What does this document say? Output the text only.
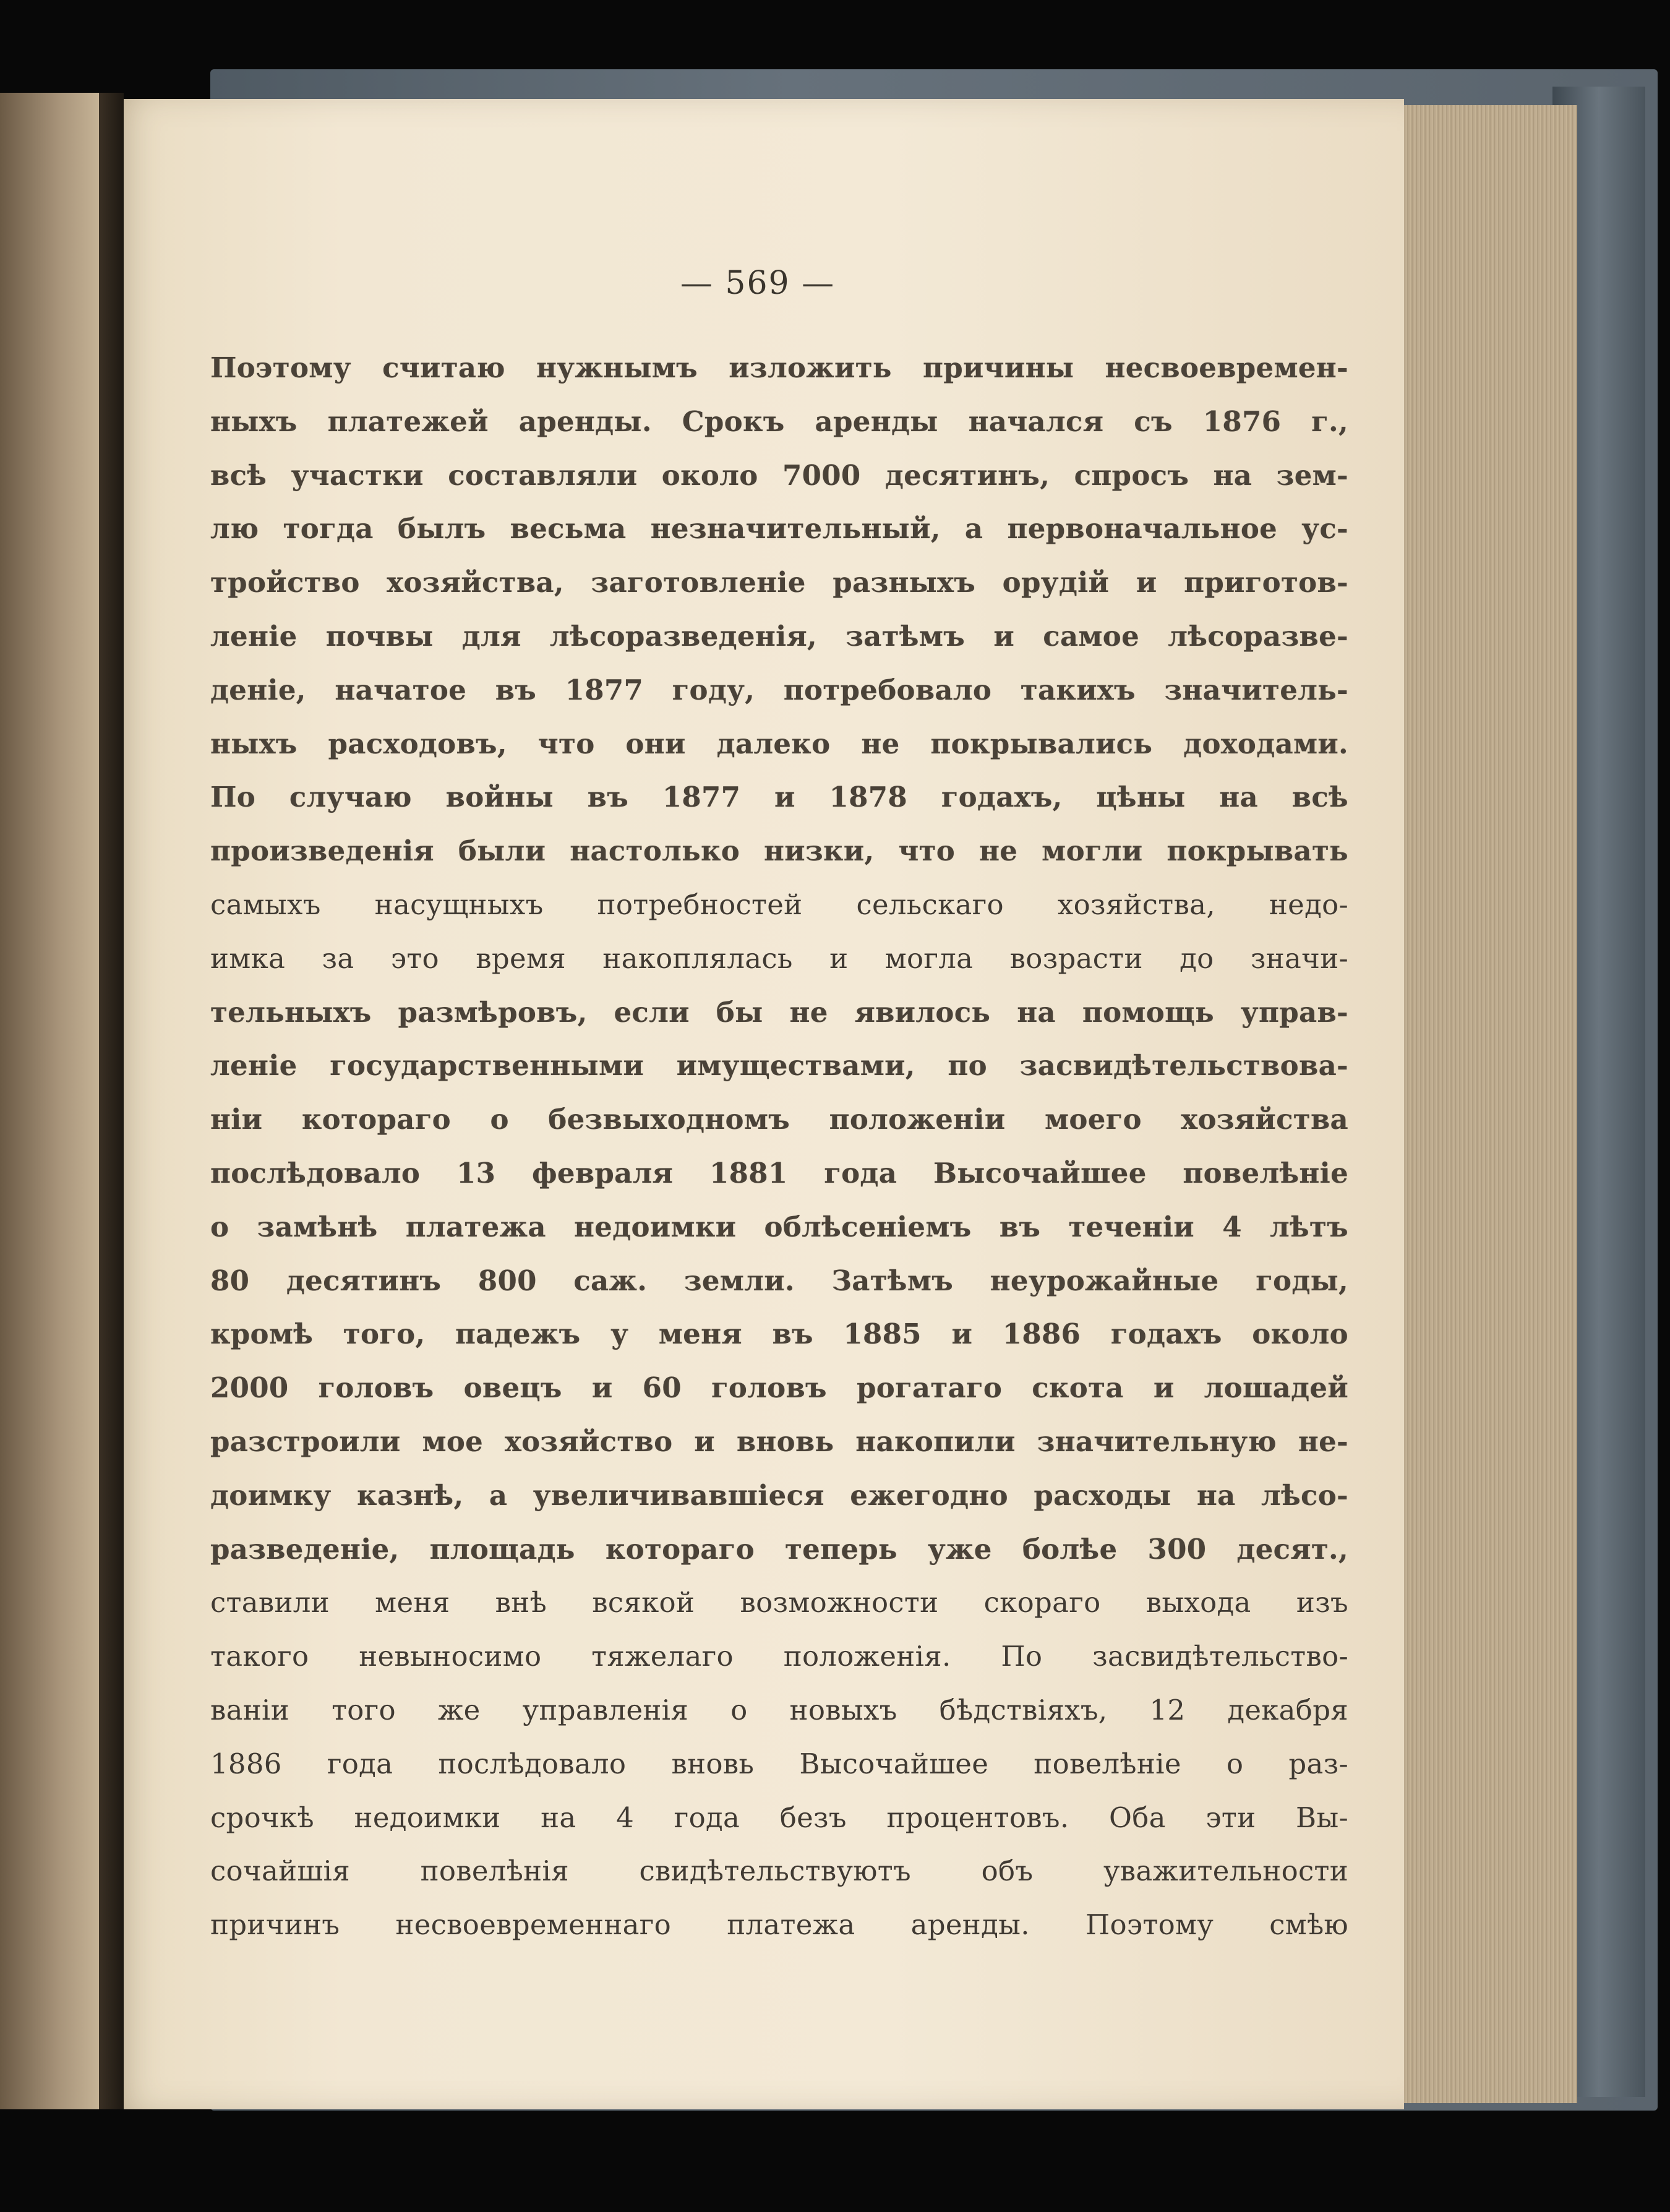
— 569 —
Поэтому считаю нужнымъ изложить причины несвоевремен-
ныхъ платежей аренды. Срокъ аренды начался съ 1876 г.,
всѣ участки составляли около 7000 десятинъ, спросъ на зем-
лю тогда былъ весьма незначительный, а первоначальное ус-
тройство хозяйства, заготовленіе разныхъ орудій и приготов-
леніе почвы для лѣсоразведенія, затѣмъ и самое лѣсоразве-
деніе, начатое въ 1877 году, потребовало такихъ значитель-
ныхъ расходовъ, что они далеко не покрывались доходами.
По случаю войны въ 1877 и 1878 годахъ, цѣны на всѣ
произведенія были настолько низки, что не могли покрывать
самыхъ насущныхъ потребностей сельскаго хозяйства, недо-
имка за это время накоплялась и могла возрасти до значи-
тельныхъ размѣровъ, если бы не явилось на помощь управ-
леніе государственными имуществами, по засвидѣтельствова-
ніи котораго о безвыходномъ положеніи моего хозяйства
послѣдовало 13 февраля 1881 года Высочайшее повелѣніе
о замѣнѣ платежа недоимки облѣсеніемъ въ теченіи 4 лѣтъ
80 десятинъ 800 саж. земли. Затѣмъ неурожайные годы,
кромѣ того, падежъ у меня въ 1885 и 1886 годахъ около
2000 головъ овецъ и 60 головъ рогатаго скота и лошадей
разстроили мое хозяйство и вновь накопили значительную не-
доимку казнѣ, а увеличивавшіеся ежегодно расходы на лѣсо-
разведеніе, площадь котораго теперь уже болѣе 300 десят.,
ставили меня внѣ всякой возможности скораго выхода изъ
такого невыносимо тяжелаго положенія. По засвидѣтельство-
ваніи того же управленія о новыхъ бѣдствіяхъ, 12 декабря
1886 года послѣдовало вновь Высочайшее повелѣніе о раз-
срочкѣ недоимки на 4 года безъ процентовъ. Оба эти Вы-
сочайшія повелѣнія свидѣтельствуютъ объ уважительности
причинъ несвоевременнаго платежа аренды. Поэтому смѣю
